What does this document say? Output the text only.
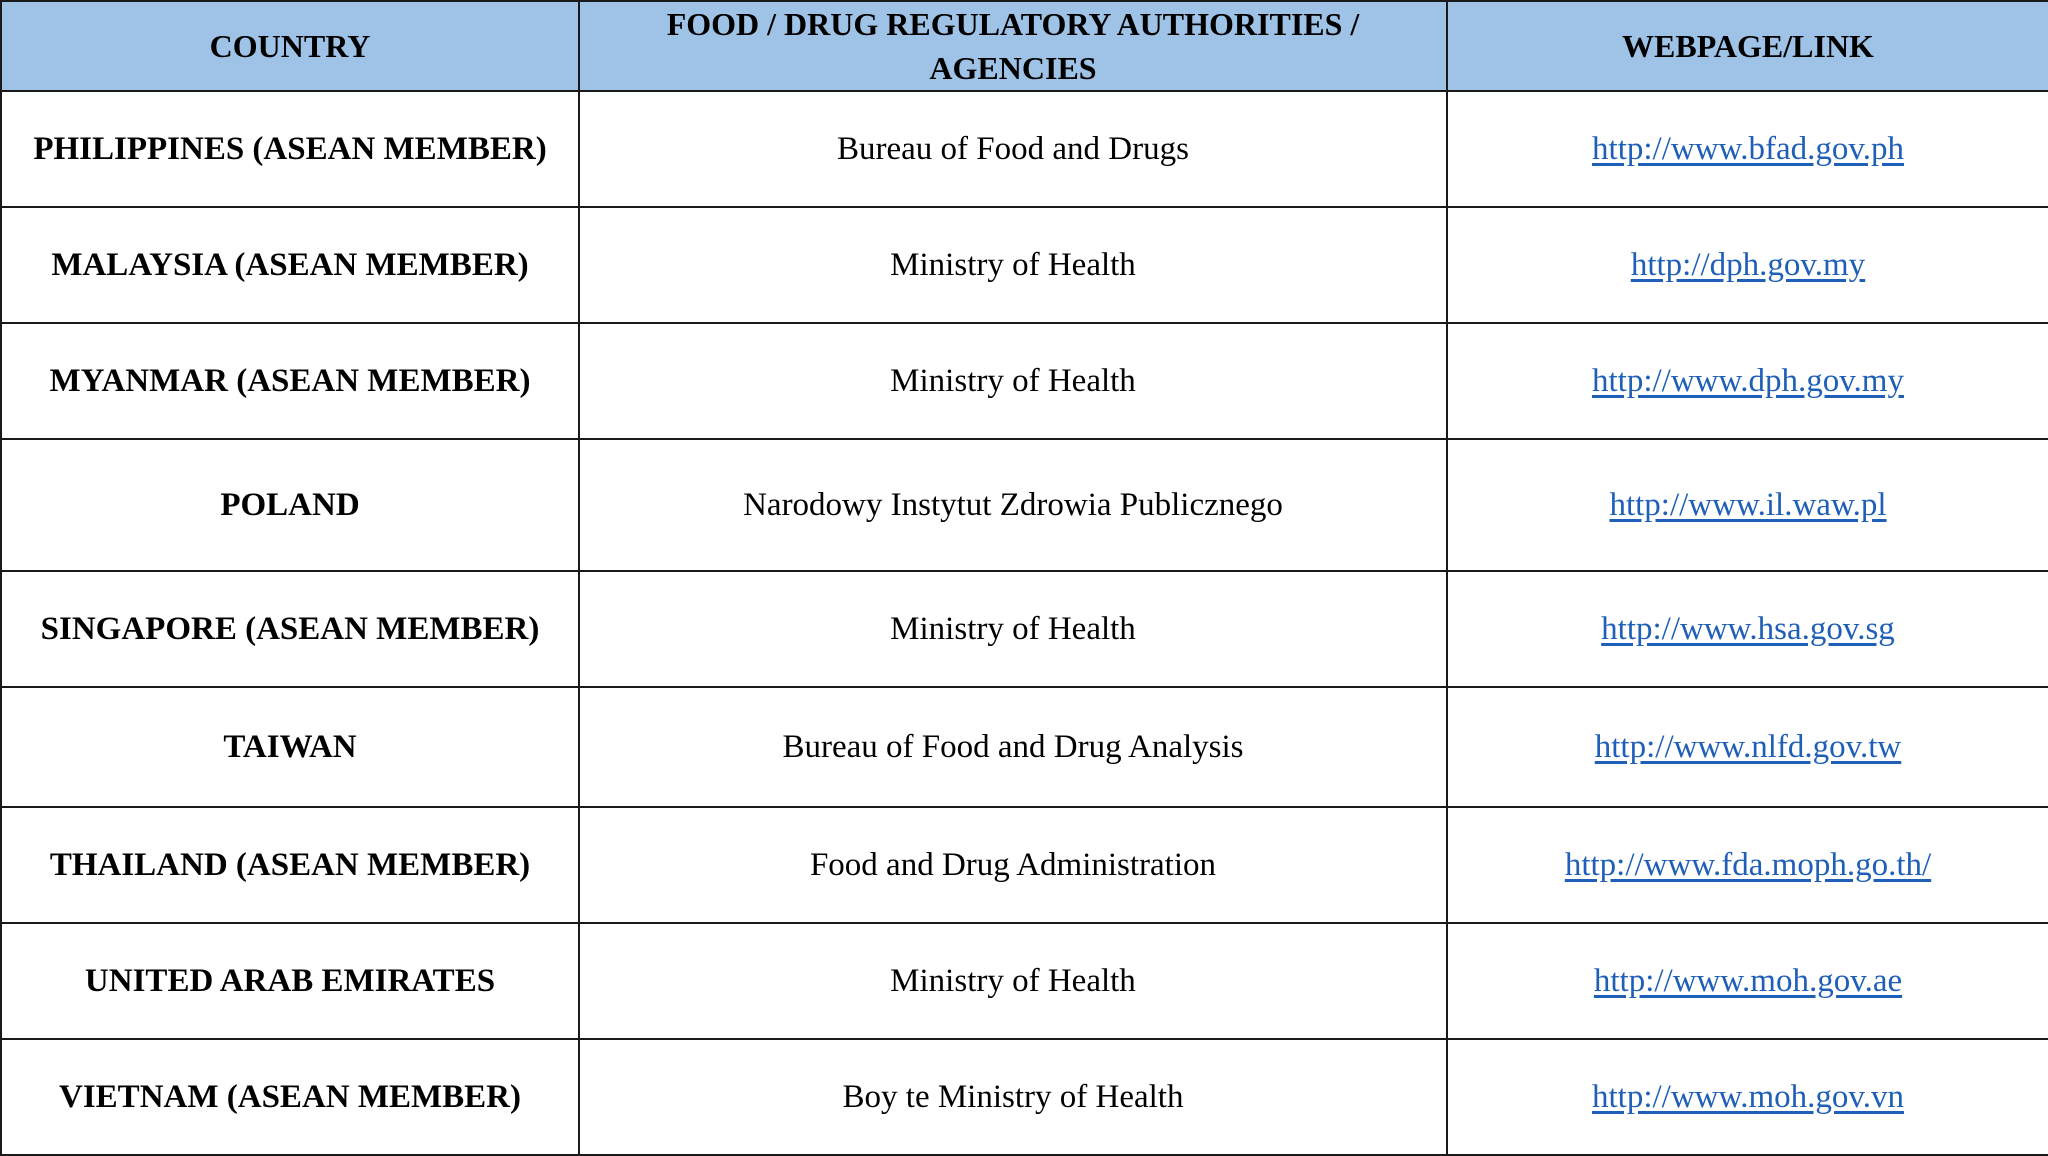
COUNTRY	FOOD / DRUG REGULATORY AUTHORITIES / AGENCIES	WEBPAGE/LINK
PHILIPPINES (ASEAN MEMBER)	Bureau of Food and Drugs	http://www.bfad.gov.ph
MALAYSIA (ASEAN MEMBER)	Ministry of Health	http://dph.gov.my
MYANMAR (ASEAN MEMBER)	Ministry of Health	http://www.dph.gov.my
POLAND	Narodowy Instytut Zdrowia Publicznego	http://www.il.waw.pl
SINGAPORE (ASEAN MEMBER)	Ministry of Health	http://www.hsa.gov.sg
TAIWAN	Bureau of Food and Drug Analysis	http://www.nlfd.gov.tw
THAILAND (ASEAN MEMBER)	Food and Drug Administration	http://www.fda.moph.go.th/
UNITED ARAB EMIRATES	Ministry of Health	http://www.moh.gov.ae
VIETNAM (ASEAN MEMBER)	Boy te Ministry of Health	http://www.moh.gov.vn
